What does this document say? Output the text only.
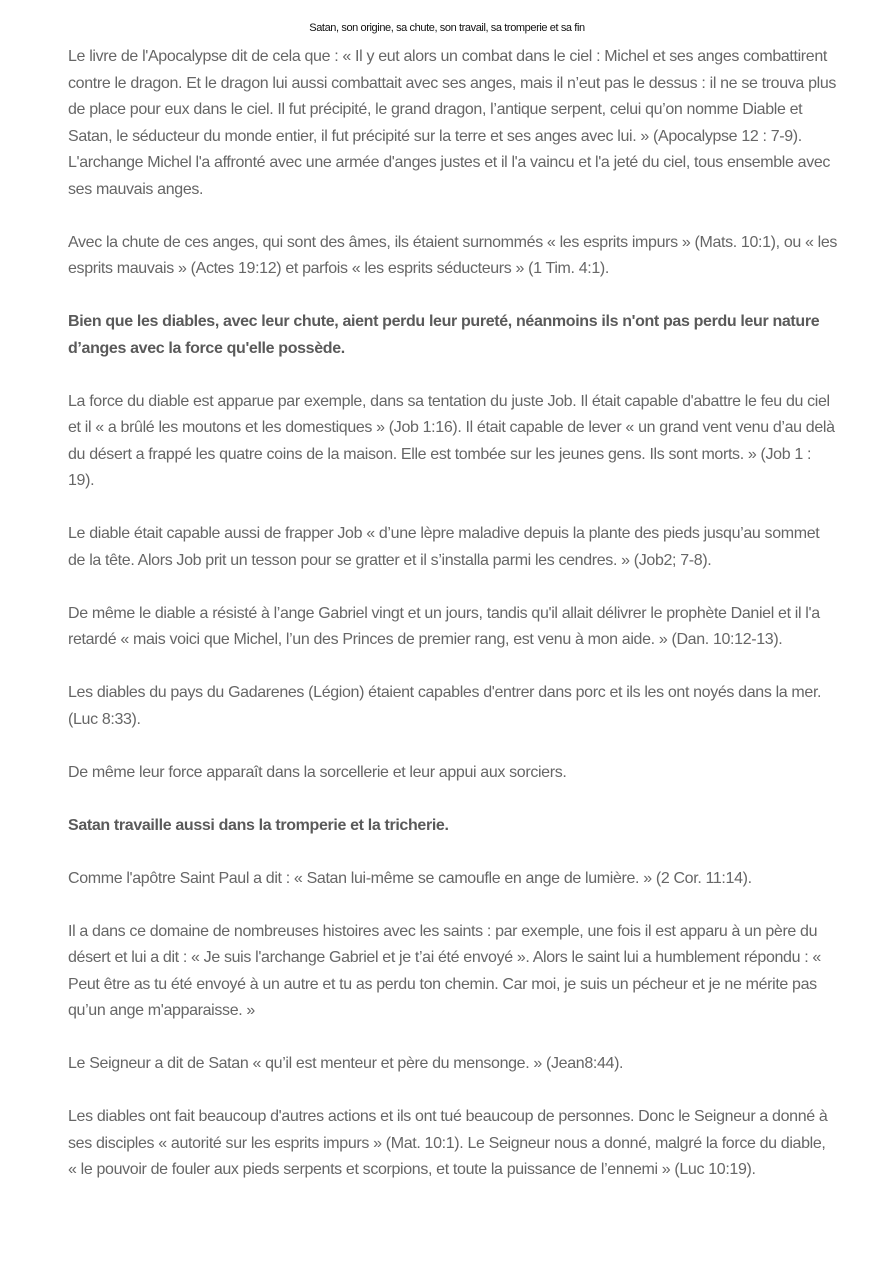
Satan, son origine, sa chute, son travail, sa tromperie et sa fin

Le livre de l'Apocalypse dit de cela que : « Il y eut alors un combat dans le ciel : Michel et ses anges combattirent contre le dragon. Et le dragon lui aussi combattait avec ses anges, mais il n’eut pas le dessus : il ne se trouva plus de place pour eux dans le ciel. Il fut précipité, le grand dragon, l’antique serpent, celui qu’on nomme Diable et Satan, le séducteur du monde entier, il fut précipité sur la terre et ses anges avec lui. » (Apocalypse 12 : 7-9). L'archange Michel l'a affronté avec une armée d'anges justes et il l'a vaincu et l'a jeté du ciel, tous ensemble avec ses mauvais anges.

Avec la chute de ces anges, qui sont des âmes, ils étaient surnommés « les esprits impurs » (Mats. 10:1), ou « les esprits mauvais » (Actes 19:12) et parfois « les esprits séducteurs » (1 Tim. 4:1).

Bien que les diables, avec leur chute, aient perdu leur pureté, néanmoins ils n'ont pas perdu leur nature d’anges avec la force qu'elle possède.

La force du diable est apparue par exemple, dans sa tentation du juste Job. Il était capable d'abattre le feu du ciel et il « a brûlé les moutons et les domestiques » (Job 1:16). Il était capable de lever « un grand vent venu d’au delà du désert a frappé les quatre coins de la maison. Elle est tombée sur les jeunes gens. Ils sont morts. » (Job 1 : 19).

Le diable était capable aussi de frapper Job « d’une lèpre maladive depuis la plante des pieds jusqu’au sommet de la tête. Alors Job prit un tesson pour se gratter et il s’installa parmi les cendres. » (Job2; 7-8).

De même le diable a résisté à l’ange Gabriel vingt et un jours, tandis qu'il allait délivrer le prophète Daniel et il l'a retardé « mais voici que Michel, l’un des Princes de premier rang, est venu à mon aide. » (Dan. 10:12-13).

Les diables du pays du Gadarenes (Légion) étaient capables d'entrer dans porc et ils les ont noyés dans la mer. (Luc 8:33).

De même leur force apparaît dans la sorcellerie et leur appui aux sorciers.

Satan travaille aussi dans la tromperie et la tricherie.

Comme l'apôtre Saint Paul a dit : « Satan lui-même se camoufle en ange de lumière. » (2 Cor. 11:14).

Il a dans ce domaine de nombreuses histoires avec les saints : par exemple, une fois il est apparu à un père du désert et lui a dit : « Je suis l'archange Gabriel et je t’ai été envoyé ». Alors le saint lui a humblement répondu : « Peut être as tu été envoyé à un autre et tu as perdu ton chemin. Car moi, je suis un pécheur et je ne mérite pas qu’un ange m'apparaisse. »

Le Seigneur a dit de Satan « qu’il est menteur et père du mensonge. » (Jean8:44).

Les diables ont fait beaucoup d'autres actions et ils ont tué beaucoup de personnes. Donc le Seigneur a donné à ses disciples « autorité sur les esprits impurs » (Mat. 10:1). Le Seigneur nous a donné, malgré la force du diable, « le pouvoir de fouler aux pieds serpents et scorpions, et toute la puissance de l’ennemi » (Luc 10:19).
